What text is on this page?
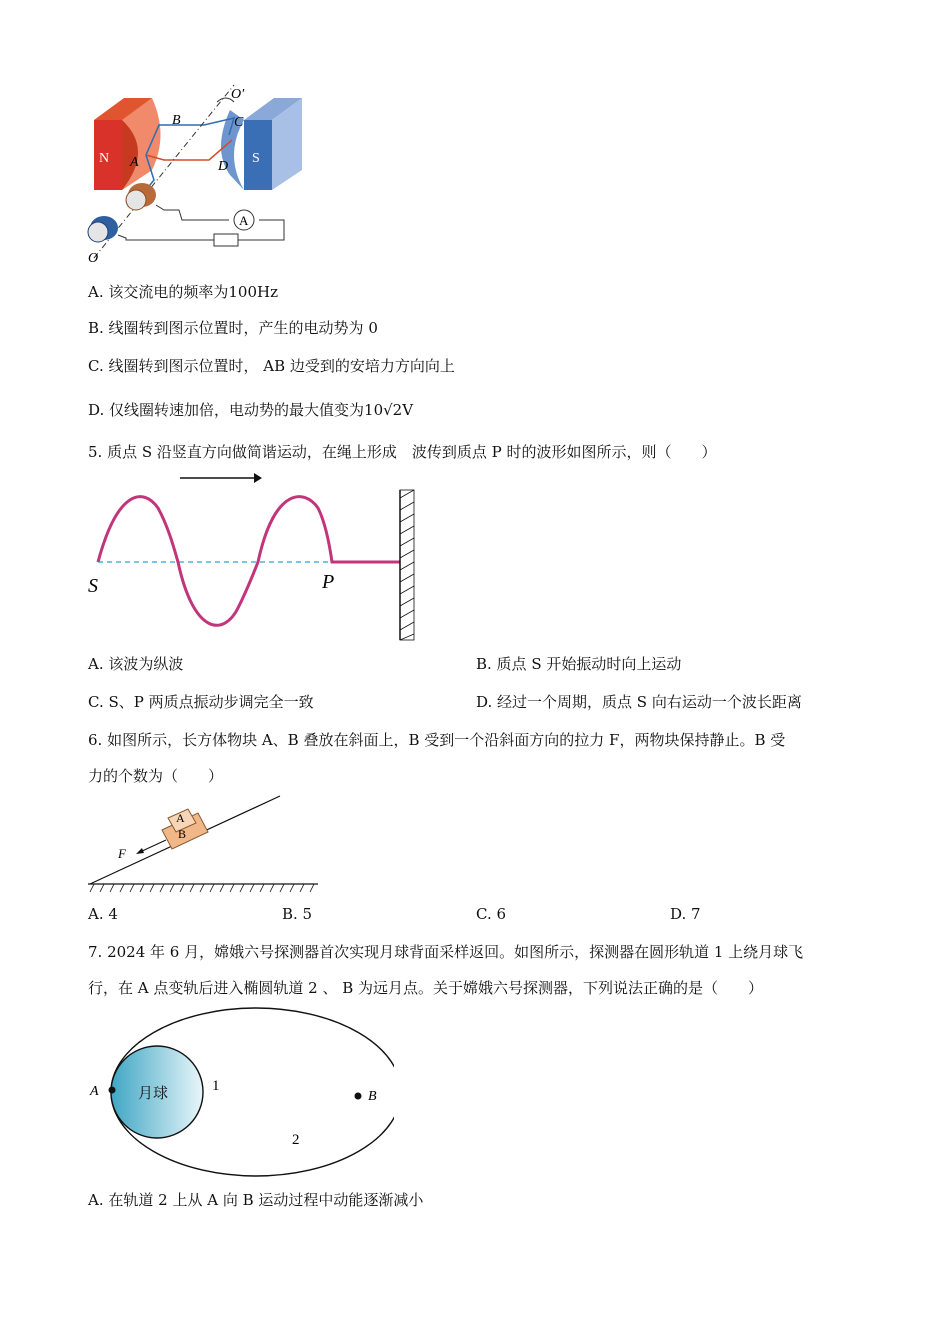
N	S
B	C
A	D
O'
O
A
A. 该交流电的频率为100Hz
B. 线圈转到图示位置时，产生的电动势为 0
C. 线圈转到图示位置时， AB 边受到的安培力方向向上
D. 仅线圈转速加倍，电动势的最大值变为10√2V
5. 质点 S 沿竖直方向做简谐运动，在绳上形成　波传到质点 P 时的波形如图所示，则（　　）
S	P
A. 该波为纵波	B. 质点 S 开始振动时向上运动
C. S、P 两质点振动步调完全一致	D. 经过一个周期，质点 S 向右运动一个波长距离
6. 如图所示，长方体物块 A、B 叠放在斜面上，B 受到一个沿斜面方向的拉力 F，两物块保持静止。B 受
力的个数为（　　）
A
B
F
A. 4	B. 5	C. 6	D. 7
7. 2024 年 6 月，嫦娥六号探测器首次实现月球背面采样返回。如图所示，探测器在圆形轨道 1 上绕月球飞
行，在 A 点变轨后进入椭圆轨道 2 、 B 为远月点。关于嫦娥六号探测器，下列说法正确的是（　　）
月球
A	B
1
2
A. 在轨道 2 上从 A 向 B 运动过程中动能逐渐减小
